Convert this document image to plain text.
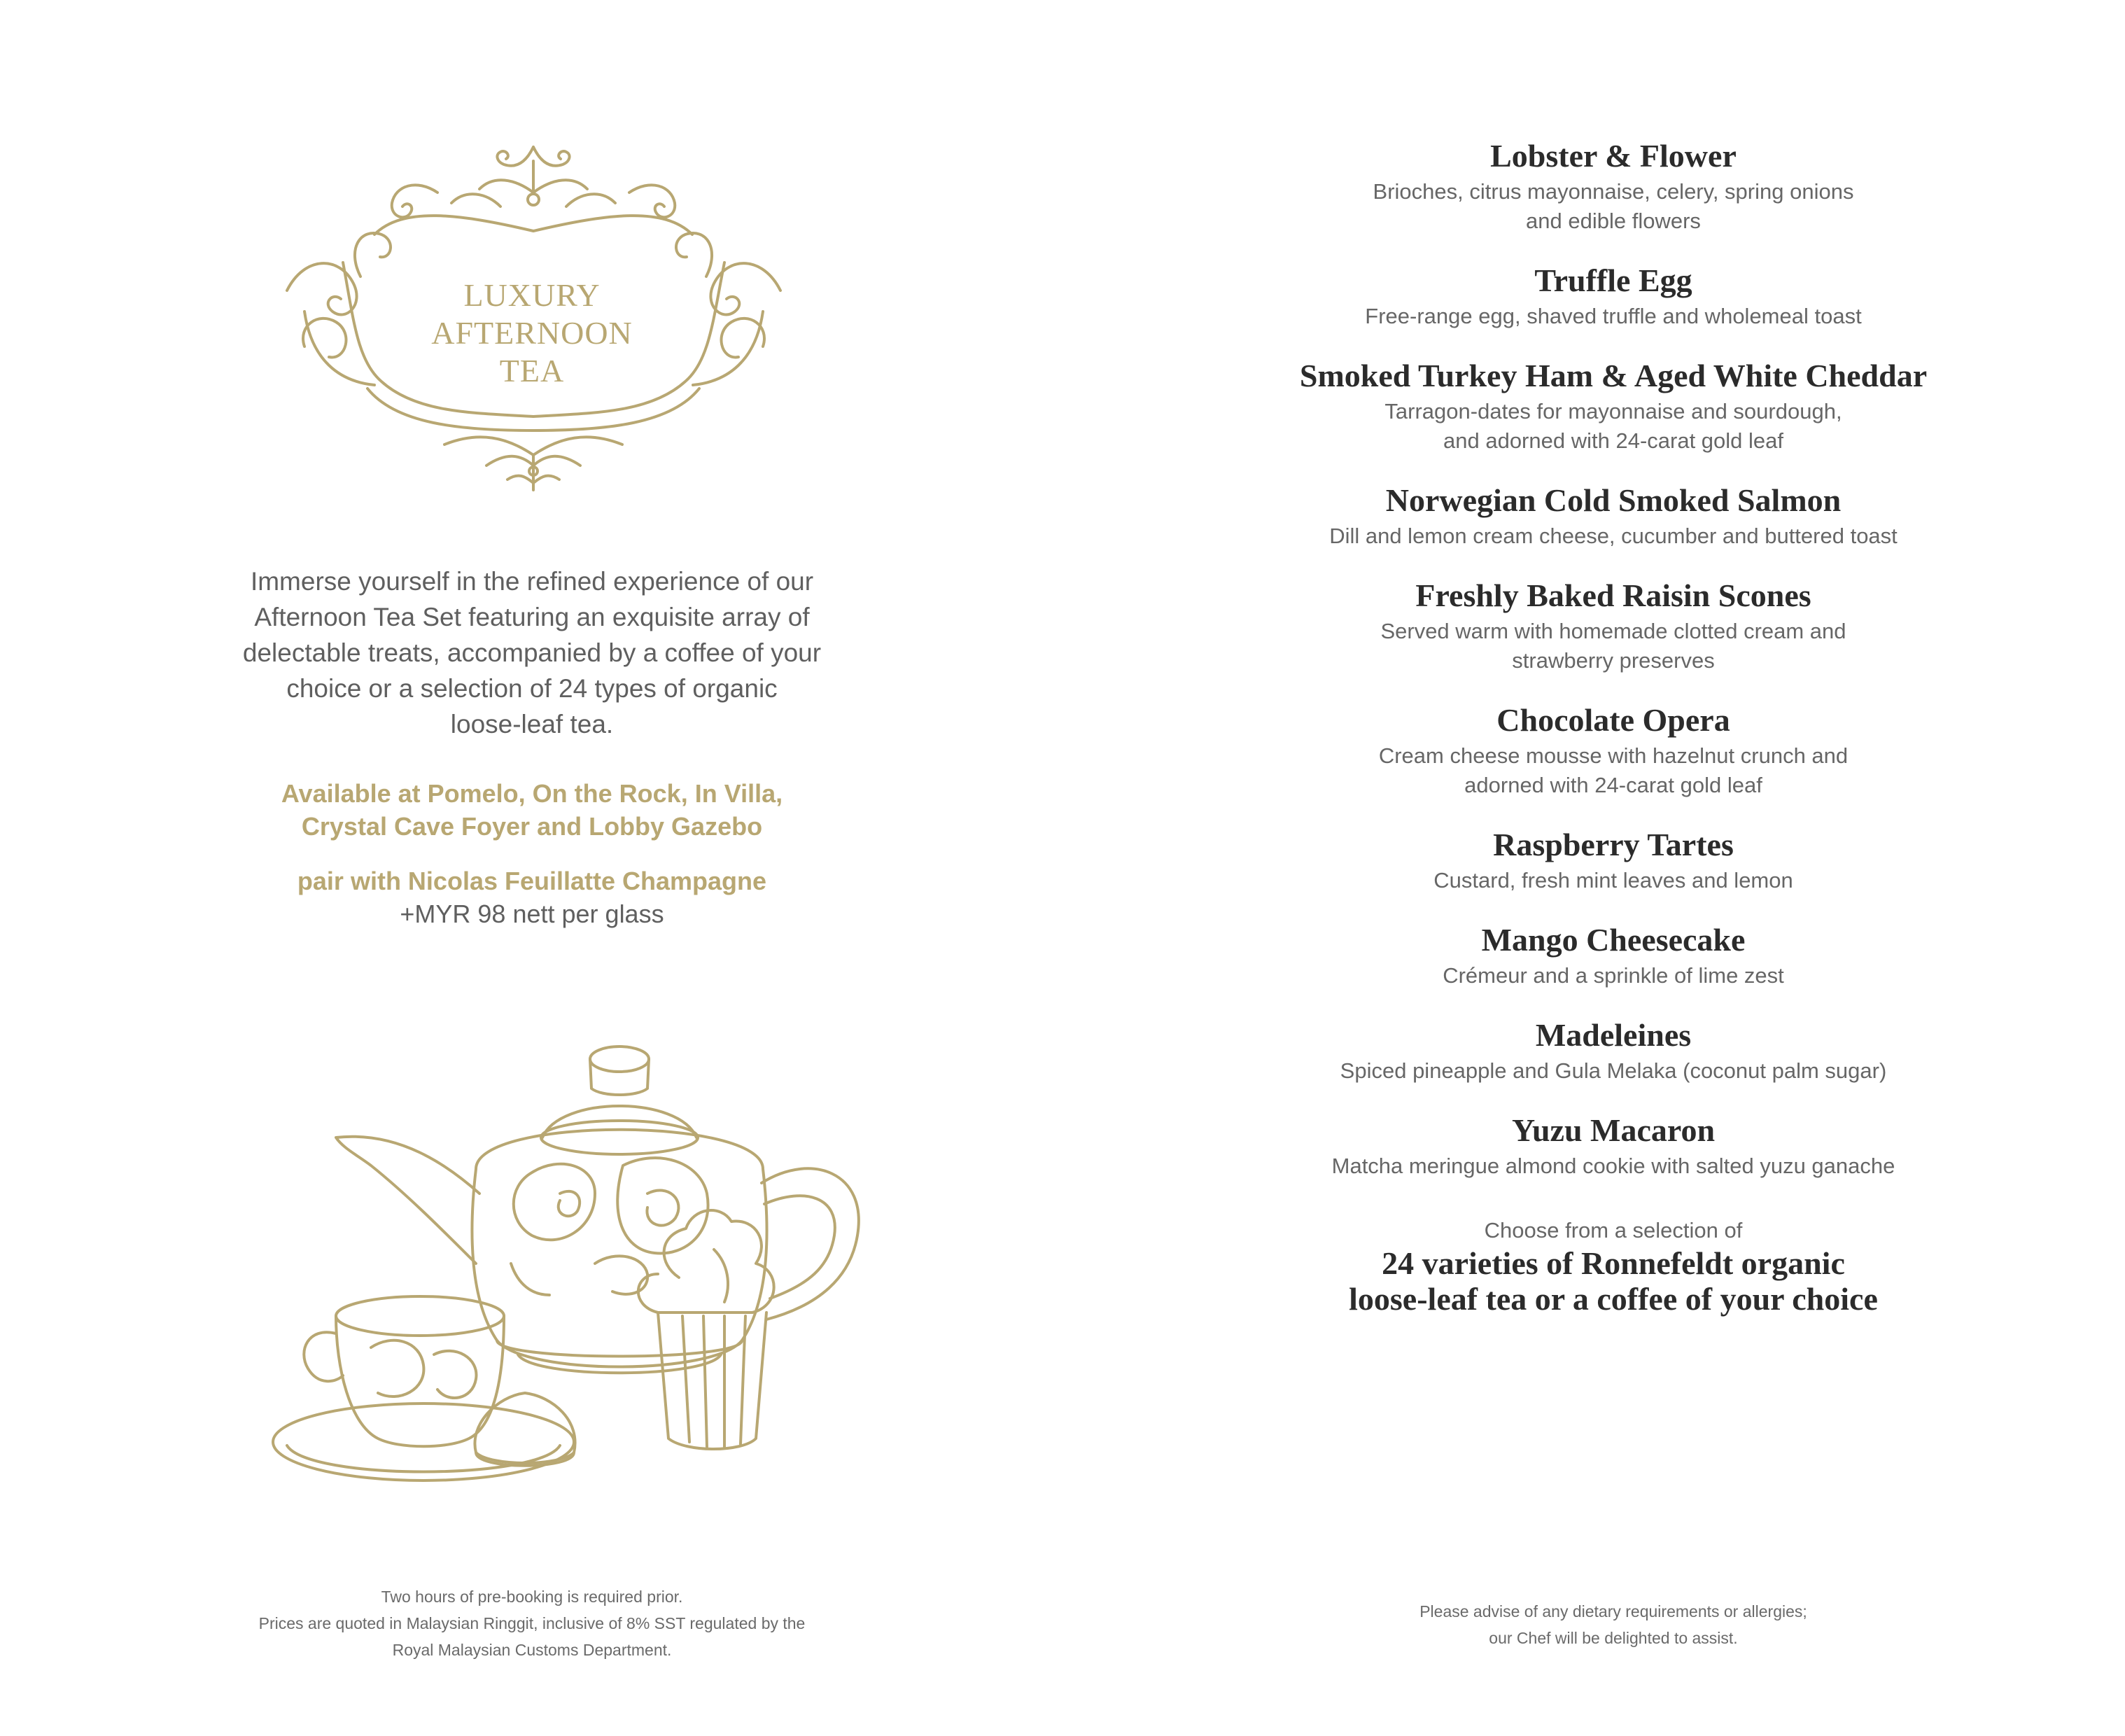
LUXURY
AFTERNOON
TEA
Immerse yourself in the refined experience of our
Afternoon Tea Set featuring an exquisite array of
delectable treats, accompanied by a coffee of your
choice or a selection of 24 types of organic
loose-leaf tea.
Available at Pomelo, On the Rock, In Villa,
Crystal Cave Foyer and Lobby Gazebo
pair with Nicolas Feuillatte Champagne
+MYR 98 nett per glass
Two hours of pre-booking is required prior.
Prices are quoted in Malaysian Ringgit, inclusive of 8% SST regulated by the
Royal Malaysian Customs Department.
Lobster & Flower
Brioches, citrus mayonnaise, celery, spring onions
and edible flowers
Truffle Egg
Free-range egg, shaved truffle and wholemeal toast
Smoked Turkey Ham & Aged White Cheddar
Tarragon-dates for mayonnaise and sourdough,
and adorned with 24-carat gold leaf
Norwegian Cold Smoked Salmon
Dill and lemon cream cheese, cucumber and buttered toast
Freshly Baked Raisin Scones
Served warm with homemade clotted cream and
strawberry preserves
Chocolate Opera
Cream cheese mousse with hazelnut crunch and
adorned with 24-carat gold leaf
Raspberry Tartes
Custard, fresh mint leaves and lemon
Mango Cheesecake
Crémeur and a sprinkle of lime zest
Madeleines
Spiced pineapple and Gula Melaka (coconut palm sugar)
Yuzu Macaron
Matcha meringue almond cookie with salted yuzu ganache
Choose from a selection of
24 varieties of Ronnefeldt organic
loose-leaf tea or a coffee of your choice
Please advise of any dietary requirements or allergies;
our Chef will be delighted to assist.
